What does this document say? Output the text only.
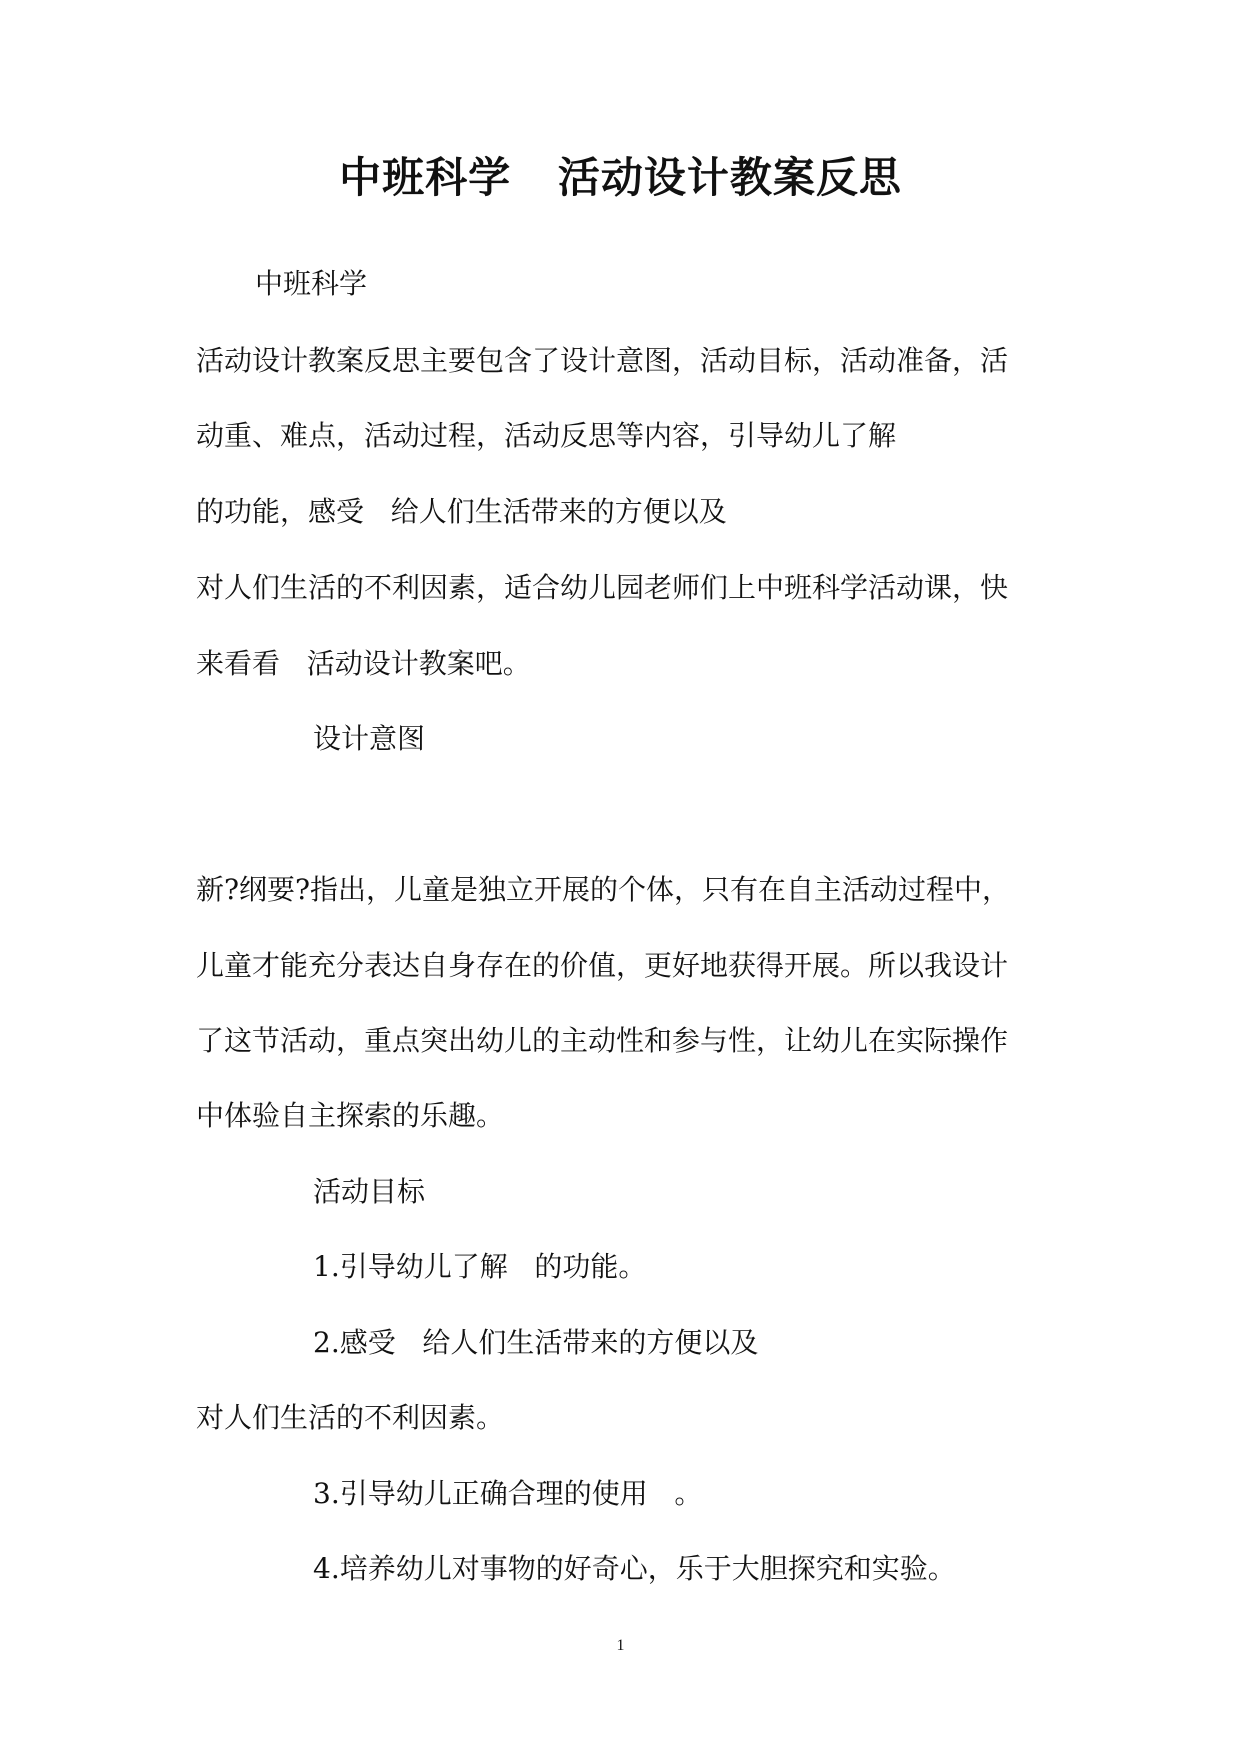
中班科学   活动设计教案反思
中班科学
活动设计教案反思主要包含了设计意图，活动目标，活动准备，活
动重、难点，活动过程，活动反思等内容，引导幼儿了解
的功能，感受   给人们生活带来的方便以及
对人们生活的不利因素，适合幼儿园老师们上中班科学活动课，快
来看看   活动设计教案吧。
设计意图
新?纲要?指出，儿童是独立开展的个体，只有在自主活动过程中，
儿童才能充分表达自身存在的价值，更好地获得开展。所以我设计
了这节活动，重点突出幼儿的主动性和参与性，让幼儿在实际操作
中体验自主探索的乐趣。
活动目标
1.引导幼儿了解   的功能。
2.感受   给人们生活带来的方便以及
对人们生活的不利因素。
3.引导幼儿正确合理的使用   。
4.培养幼儿对事物的好奇心，乐于大胆探究和实验。
1
